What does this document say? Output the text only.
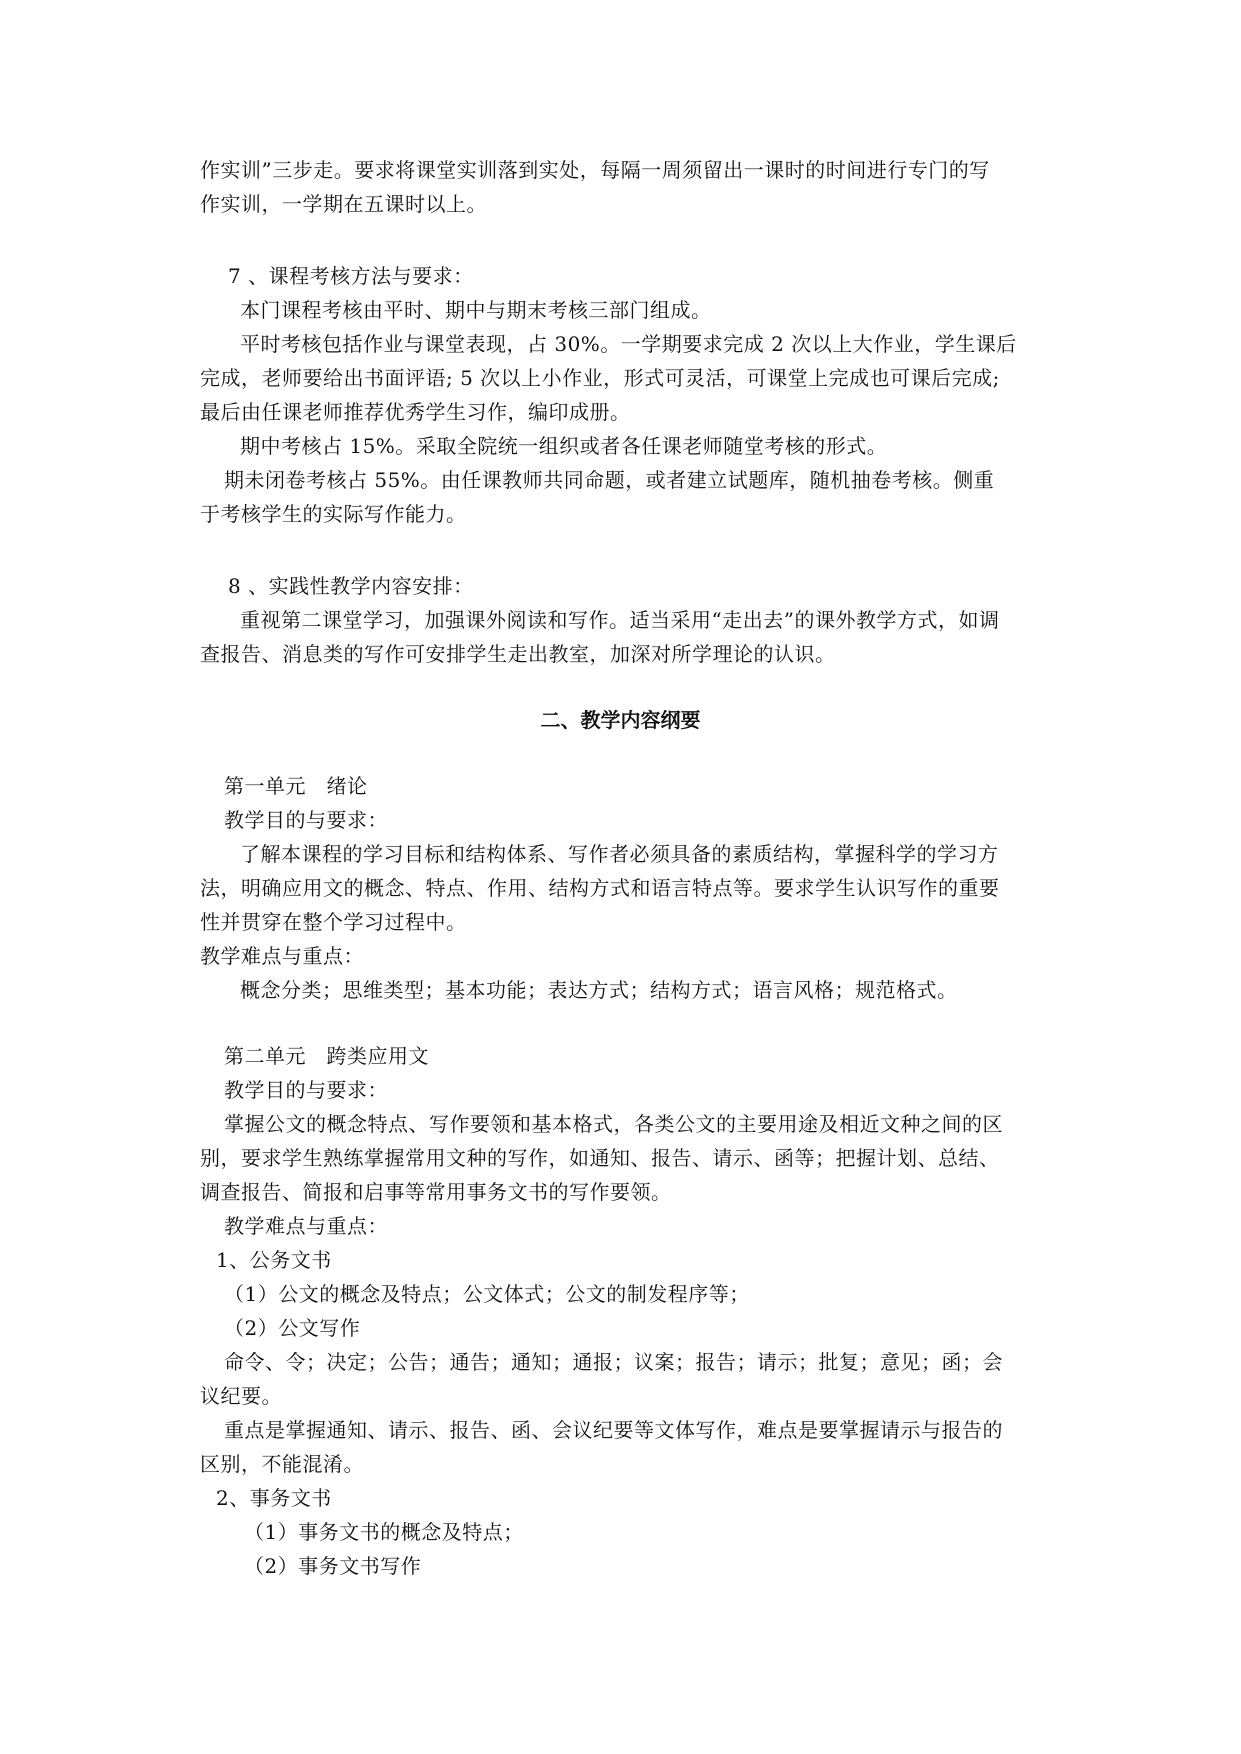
作实训”三步走。要求将课堂实训落到实处，每隔一周须留出一课时的时间进行专门的写
作实训，一学期在五课时以上。
7 、课程考核方法与要求：
本门课程考核由平时、期中与期末考核三部门组成。
平时考核包括作业与课堂表现，占 30%。一学期要求完成 2 次以上大作业，学生课后
完成，老师要给出书面评语; 5 次以上小作业，形式可灵活，可课堂上完成也可课后完成;
最后由任课老师推荐优秀学生习作，编印成册。
期中考核占 15%。采取全院统一组织或者各任课老师随堂考核的形式。
期未闭卷考核占 55%。由任课教师共同命题，或者建立试题库，随机抽卷考核。侧重
于考核学生的实际写作能力。
8 、实践性教学内容安排：
重视第二课堂学习，加强课外阅读和写作。适当采用“走出去”的课外教学方式，如调
查报告、消息类的写作可安排学生走出教室，加深对所学理论的认识。
二、教学内容纲要
第一单元　绪论
教学目的与要求：
了解本课程的学习目标和结构体系、写作者必须具备的素质结构，掌握科学的学习方
法，明确应用文的概念、特点、作用、结构方式和语言特点等。要求学生认识写作的重要
性并贯穿在整个学习过程中。
教学难点与重点：
概念分类；思维类型；基本功能；表达方式；结构方式；语言风格；规范格式。
第二单元　跨类应用文
教学目的与要求：
掌握公文的概念特点、写作要领和基本格式，各类公文的主要用途及相近文种之间的区
别，要求学生熟练掌握常用文种的写作，如通知、报告、请示、函等；把握计划、总结、
调查报告、简报和启事等常用事务文书的写作要领。
教学难点与重点：
1、公务文书
（1）公文的概念及特点；公文体式；公文的制发程序等；
（2）公文写作
命令、令；决定；公告；通告；通知；通报；议案；报告；请示；批复；意见；函；会
议纪要。
重点是掌握通知、请示、报告、函、会议纪要等文体写作，难点是要掌握请示与报告的
区别，不能混淆。
2、事务文书
（1）事务文书的概念及特点；
（2）事务文书写作
